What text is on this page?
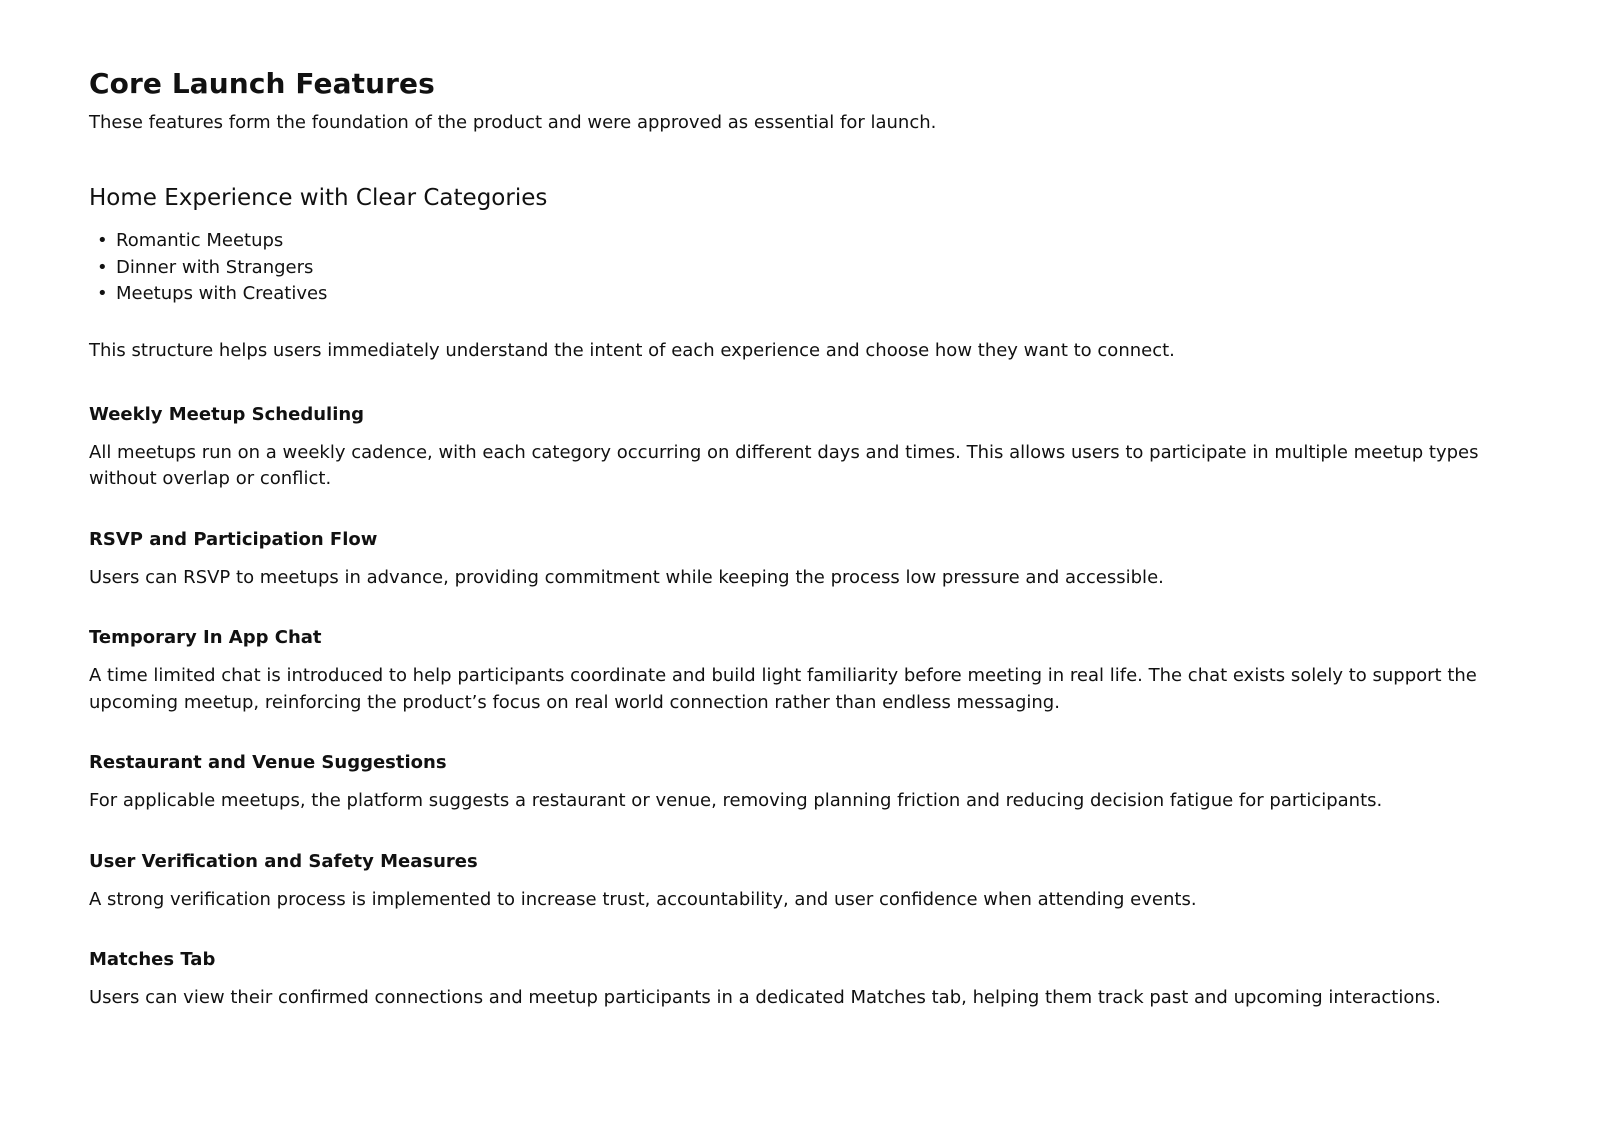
Core Launch Features

These features form the foundation of the product and were approved as essential for launch.

Home Experience with Clear Categories
• Romantic Meetups
• Dinner with Strangers
• Meetups with Creatives

This structure helps users immediately understand the intent of each experience and choose how they want to connect.

Weekly Meetup Scheduling

All meetups run on a weekly cadence, with each category occurring on different days and times. This allows users to participate in multiple meetup types without overlap or conflict.

RSVP and Participation Flow

Users can RSVP to meetups in advance, providing commitment while keeping the process low pressure and accessible.

Temporary In App Chat

A time limited chat is introduced to help participants coordinate and build light familiarity before meeting in real life. The chat exists solely to support the upcoming meetup, reinforcing the product’s focus on real world connection rather than endless messaging.

Restaurant and Venue Suggestions

For applicable meetups, the platform suggests a restaurant or venue, removing planning friction and reducing decision fatigue for participants.

User Verification and Safety Measures

A strong verification process is implemented to increase trust, accountability, and user confidence when attending events.

Matches Tab

Users can view their confirmed connections and meetup participants in a dedicated Matches tab, helping them track past and upcoming interactions.
